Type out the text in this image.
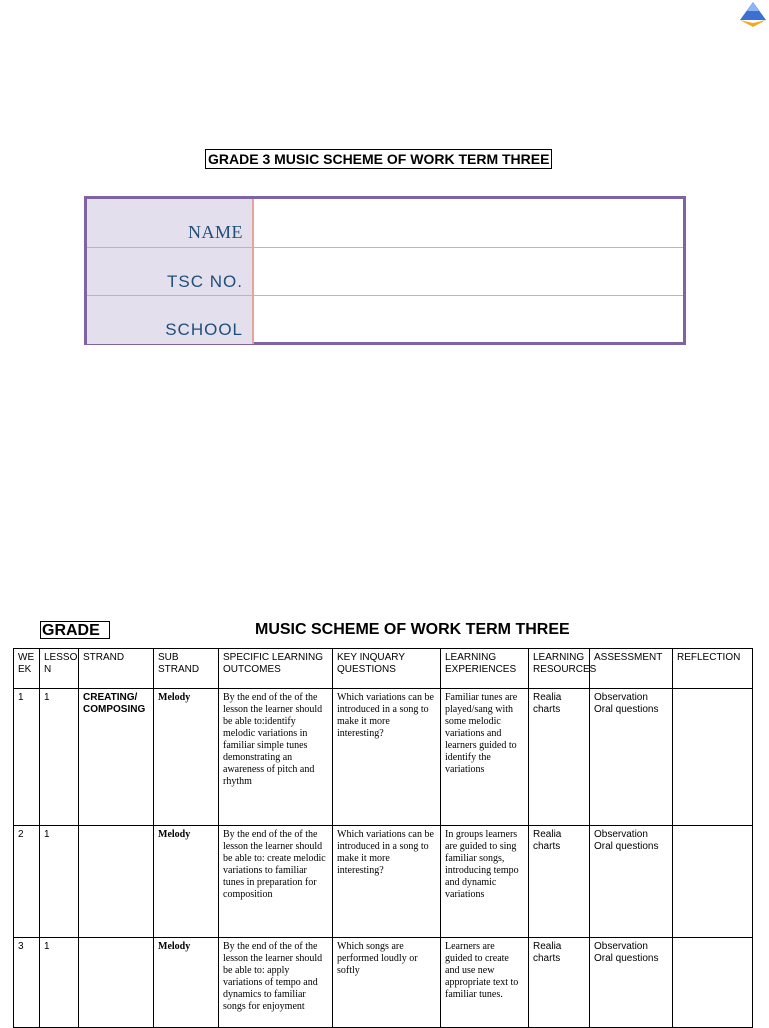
GRADE 3 MUSIC SCHEME OF WORK TERM THREE
NAME
TSC NO.
SCHOOL
GRADE	MUSIC SCHEME OF WORK TERM THREE
WE EK	LESSO N	STRAND	SUB STRAND	SPECIFIC LEARNING OUTCOMES	KEY INQUARY QUESTIONS	LEARNING EXPERIENCES	LEARNING RESOURCES	ASSESSMENT	REFLECTION
1	1	CREATING/ COMPOSING	Melody	By the end of the of the lesson the learner should be able to:identify melodic variations in familiar simple tunes demonstrating an awareness of pitch and rhythm	Which variations can be introduced in a song to make it more interesting?	Familiar tunes are played/sang with some melodic variations and learners guided to identify the variations	Realia charts	Observation Oral questions	
2	1		Melody	By the end of the of the lesson the learner should be able to: create melodic variations to familiar tunes in preparation for composition	Which variations can be introduced in a song to make it more interesting?	In groups learners are guided to sing familiar songs, introducing tempo and dynamic variations	Realia charts	Observation Oral questions	
3	1		Melody	By the end of the of the lesson the learner should be able to: apply variations of tempo and dynamics to familiar songs for enjoyment	Which songs are performed loudly or softly	Learners are guided to create and use new appropriate text to familiar tunes.	Realia charts	Observation Oral questions	
